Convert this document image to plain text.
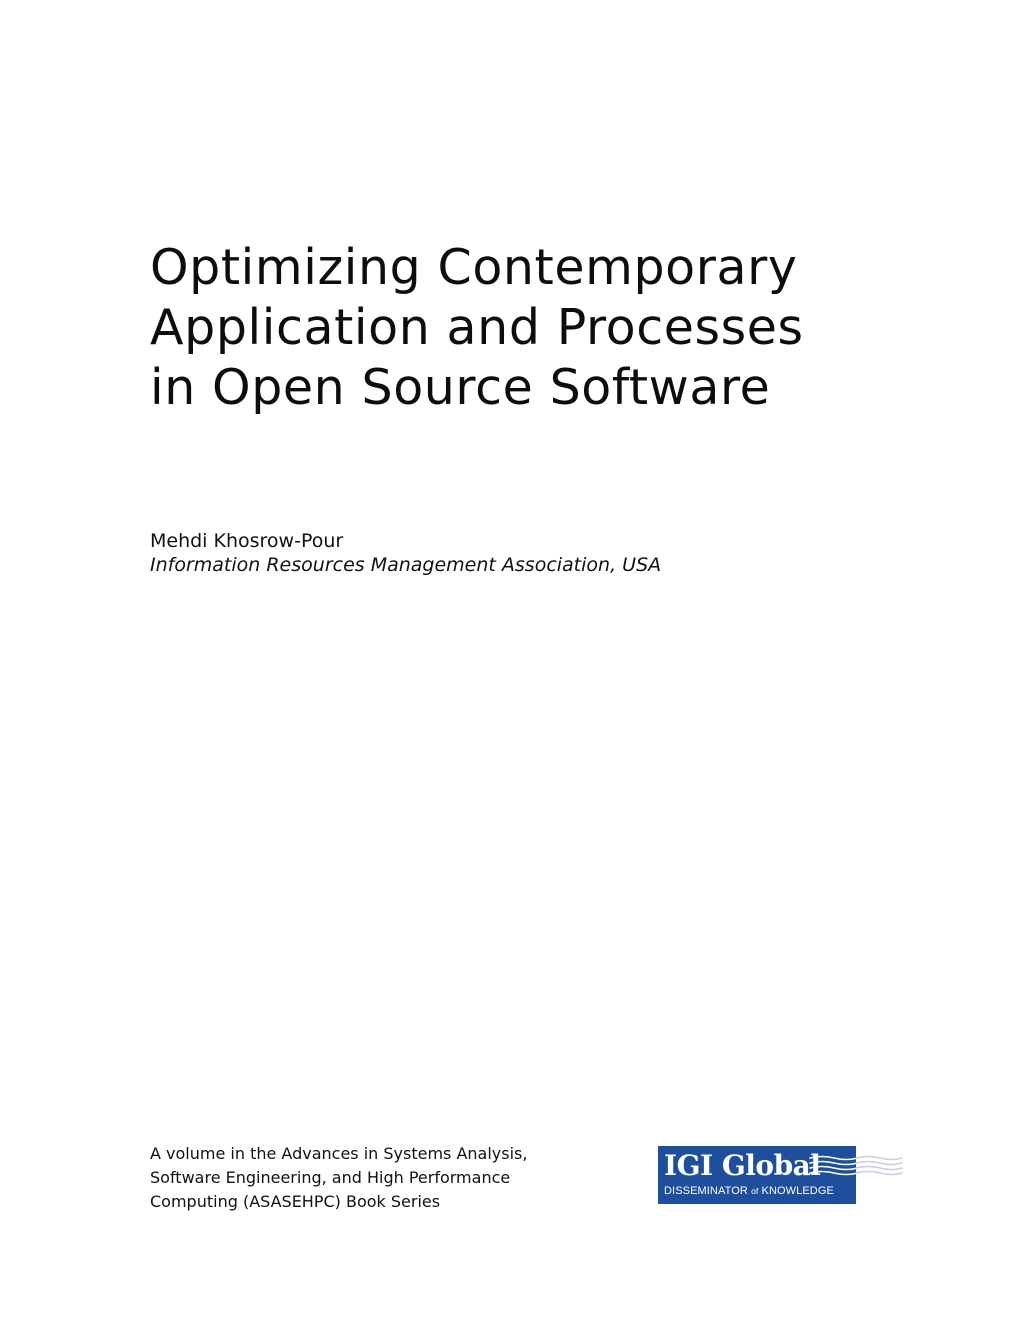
Optimizing Contemporary
Application and Processes
in Open Source Software
Mehdi Khosrow-Pour
Information Resources Management Association, USA
A volume in the Advances in Systems Analysis,
Software Engineering, and High Performance
Computing (ASASEHPC) Book Series
IGI Global
DISSEMINATOR of KNOWLEDGE
